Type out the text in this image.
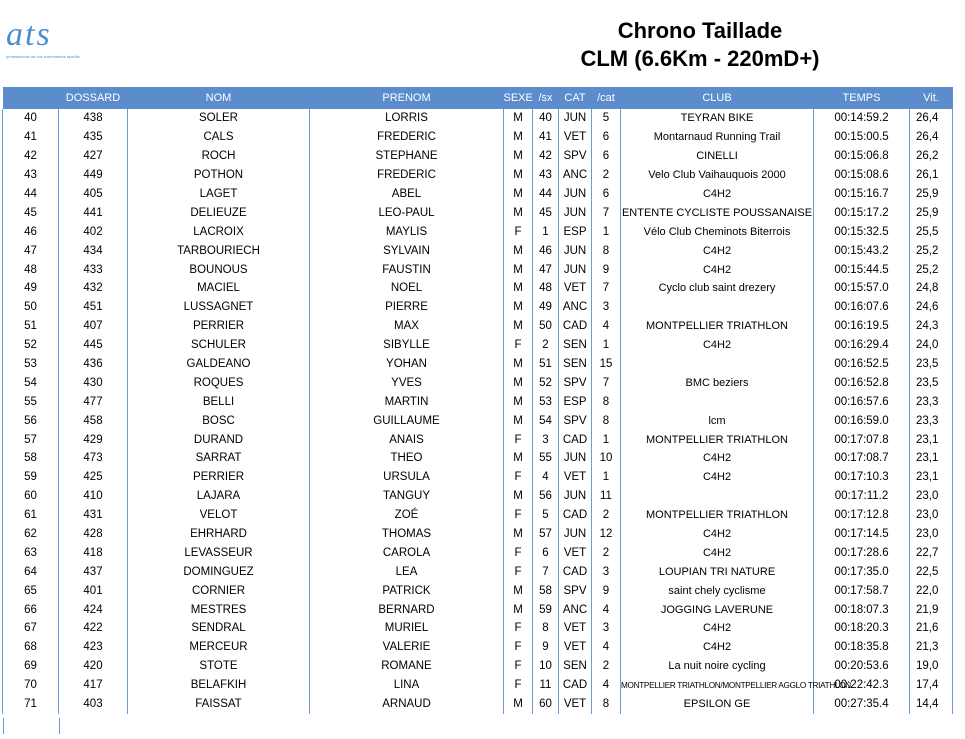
ats
professionnel de vos événements sportifs
Chrono Taillade
CLM (6.6Km - 220mD+)
	DOSSARD	NOM	PRENOM	SEXE	/sx	CAT	/cat	CLUB	TEMPS	Vit.
40	438	SOLER	LORRIS	M	40	JUN	5	TEYRAN BIKE	00:14:59.2	26,4
41	435	CALS	FREDERIC	M	41	VET	6	Montarnaud Running Trail	00:15:00.5	26,4
42	427	ROCH	STEPHANE	M	42	SPV	6	CINELLI	00:15:06.8	26,2
43	449	POTHON	FREDERIC	M	43	ANC	2	Velo Club Vaihauquois 2000	00:15:08.6	26,1
44	405	LAGET	ABEL	M	44	JUN	6	C4H2	00:15:16.7	25,9
45	441	DELIEUZE	LEO-PAUL	M	45	JUN	7	ENTENTE CYCLISTE POUSSANAISE	00:15:17.2	25,9
46	402	LACROIX	MAYLIS	F	1	ESP	1	Vélo Club Cheminots Biterrois	00:15:32.5	25,5
47	434	TARBOURIECH	SYLVAIN	M	46	JUN	8	C4H2	00:15:43.2	25,2
48	433	BOUNOUS	FAUSTIN	M	47	JUN	9	C4H2	00:15:44.5	25,2
49	432	MACIEL	NOEL	M	48	VET	7	Cyclo club saint drezery	00:15:57.0	24,8
50	451	LUSSAGNET	PIERRE	M	49	ANC	3		00:16:07.6	24,6
51	407	PERRIER	MAX	M	50	CAD	4	MONTPELLIER TRIATHLON	00:16:19.5	24,3
52	445	SCHULER	SIBYLLE	F	2	SEN	1	C4H2	00:16:29.4	24,0
53	436	GALDEANO	YOHAN	M	51	SEN	15		00:16:52.5	23,5
54	430	ROQUES	YVES	M	52	SPV	7	BMC beziers	00:16:52.8	23,5
55	477	BELLI	MARTIN	M	53	ESP	8		00:16:57.6	23,3
56	458	BOSC	GUILLAUME	M	54	SPV	8	lcm	00:16:59.0	23,3
57	429	DURAND	ANAIS	F	3	CAD	1	MONTPELLIER TRIATHLON	00:17:07.8	23,1
58	473	SARRAT	THEO	M	55	JUN	10	C4H2	00:17:08.7	23,1
59	425	PERRIER	URSULA	F	4	VET	1	C4H2	00:17:10.3	23,1
60	410	LAJARA	TANGUY	M	56	JUN	11		00:17:11.2	23,0
61	431	VELOT	ZOÉ	F	5	CAD	2	MONTPELLIER TRIATHLON	00:17:12.8	23,0
62	428	EHRHARD	THOMAS	M	57	JUN	12	C4H2	00:17:14.5	23,0
63	418	LEVASSEUR	CAROLA	F	6	VET	2	C4H2	00:17:28.6	22,7
64	437	DOMINGUEZ	LEA	F	7	CAD	3	LOUPIAN TRI NATURE	00:17:35.0	22,5
65	401	CORNIER	PATRICK	M	58	SPV	9	saint chely cyclisme	00:17:58.7	22,0
66	424	MESTRES	BERNARD	M	59	ANC	4	JOGGING LAVERUNE	00:18:07.3	21,9
67	422	SENDRAL	MURIEL	F	8	VET	3	C4H2	00:18:20.3	21,6
68	423	MERCEUR	VALERIE	F	9	VET	4	C4H2	00:18:35.8	21,3
69	420	STOTE	ROMANE	F	10	SEN	2	La nuit noire cycling	00:20:53.6	19,0
70	417	BELAFKIH	LINA	F	11	CAD	4	MONTPELLIER TRIATHLON/MONTPELLIER AGGLO TRIATHLON	00:22:42.3	17,4
71	403	FAISSAT	ARNAUD	M	60	VET	8	EPSILON GE	00:27:35.4	14,4
